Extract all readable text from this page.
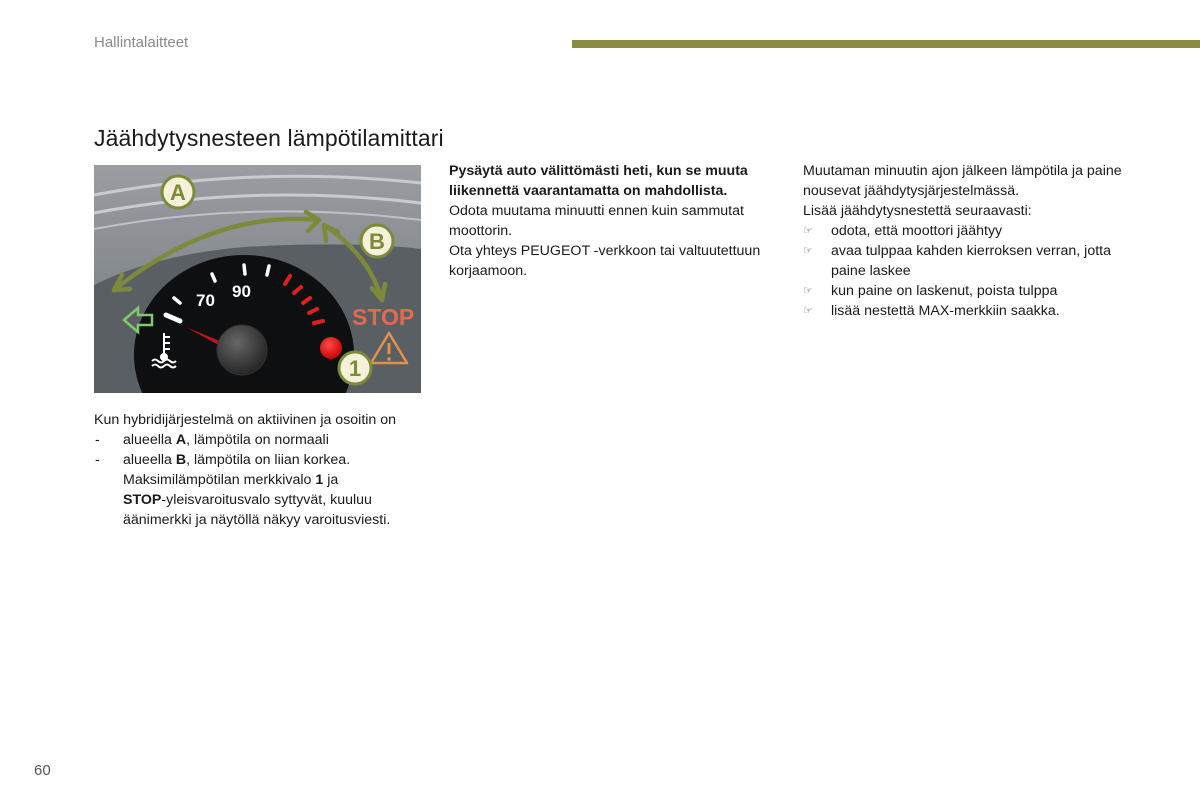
Hallintalaitteet
Jäähdytysnesteen lämpötilamittari
70 90
STOP
A
B
1

Pysäytä auto välittömästi heti, kun se muuta liikennettä vaarantamatta on mahdollista.

Odota muutama minuutti ennen kuin sammutat moottorin.

Ota yhteys PEUGEOT -verkkoon tai valtuutettuun korjaamoon.

Muutaman minuutin ajon jälkeen lämpötila ja paine nousevat jäähdytysjärjestelmässä.

Lisää jäähdytysnestettä seuraavasti:

☞ odota, että moottori jäähtyy
☞ avaa tulppaa kahden kierroksen verran, jotta paine laskee
☞ kun paine on laskenut, poista tulppa
☞ lisää nestettä MAX-merkkiin saakka.

Kun hybridijärjestelmä on aktiivinen ja osoitin on

- alueella A, lämpötila on normaali
- alueella B, lämpötila on liian korkea.
Maksimilämpötilan merkkivalo 1 ja
STOP-yleisvaroitusvalo syttyvät, kuuluu äänimerkki ja näytöllä näkyy varoitusviesti.
60
